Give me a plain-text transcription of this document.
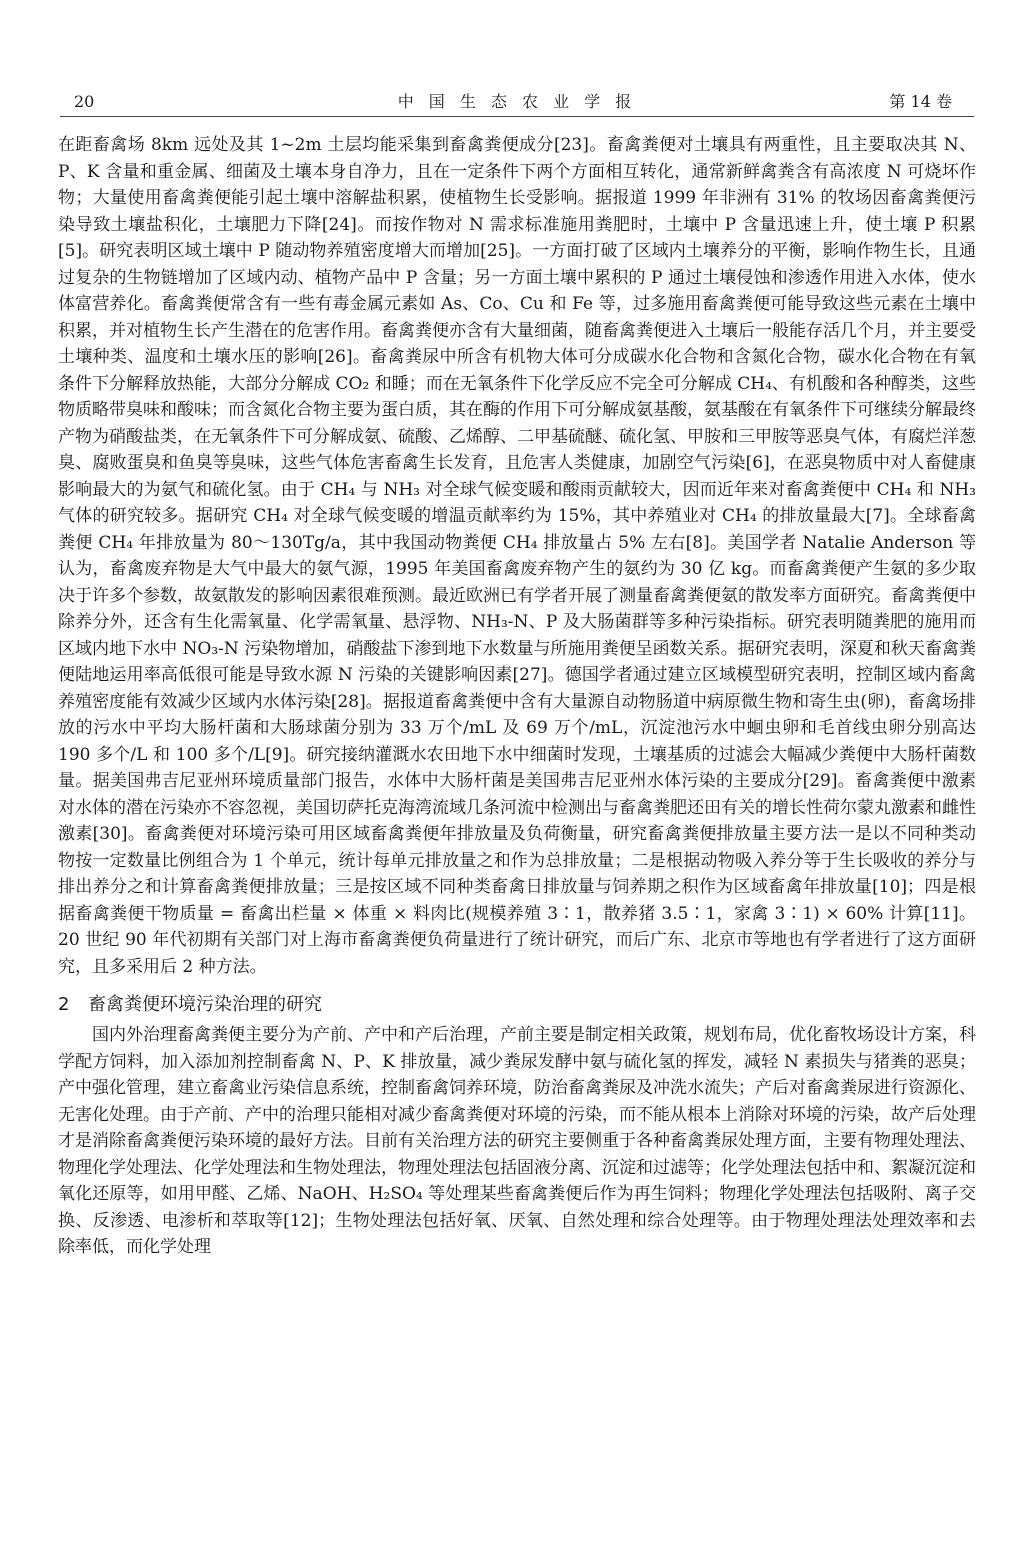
20	中 国 生 态 农 业 学 报	第 14 卷

在距畜禽场 8km 远处及其 1~2m 土层均能采集到畜禽粪便成分[23]。畜禽粪便对土壤具有两重性，且主要取决其 N、P、K 含量和重金属、细菌及土壤本身自净力，且在一定条件下两个方面相互转化，通常新鲜禽粪含有高浓度 N 可烧坏作物；大量使用畜禽粪便能引起土壤中溶解盐积累，使植物生长受影响。据报道 1999 年非洲有 31% 的牧场因畜禽粪便污染导致土壤盐积化，土壤肥力下降[24]。而按作物对 N 需求标准施用粪肥时，土壤中 P 含量迅速上升，使土壤 P 积累[5]。研究表明区域土壤中 P 随动物养殖密度增大而增加[25]。一方面打破了区域内土壤养分的平衡，影响作物生长，且通过复杂的生物链增加了区域内动、植物产品中 P 含量；另一方面土壤中累积的 P 通过土壤侵蚀和渗透作用进入水体，使水体富营养化。畜禽粪便常含有一些有毒金属元素如 As、Co、Cu 和 Fe 等，过多施用畜禽粪便可能导致这些元素在土壤中积累，并对植物生长产生潜在的危害作用。畜禽粪便亦含有大量细菌，随畜禽粪便进入土壤后一般能存活几个月，并主要受土壤种类、温度和土壤水压的影响[26]。畜禽粪尿中所含有机物大体可分成碳水化合物和含氮化合物，碳水化合物在有氧条件下分解释放热能，大部分分解成 CO₂ 和睡；而在无氧条件下化学反应不完全可分解成 CH₄、有机酸和各种醇类，这些物质略带臭味和酸味；而含氮化合物主要为蛋白质，其在酶的作用下可分解成氨基酸，氨基酸在有氧条件下可继续分解最终产物为硝酸盐类，在无氧条件下可分解成氨、硫酸、乙烯醇、二甲基硫醚、硫化氢、甲胺和三甲胺等恶臭气体，有腐烂洋葱臭、腐败蛋臭和鱼臭等臭味，这些气体危害畜禽生长发育，且危害人类健康，加剧空气污染[6]，在恶臭物质中对人畜健康影响最大的为氨气和硫化氢。由于 CH₄ 与 NH₃ 对全球气候变暖和酸雨贡献较大，因而近年来对畜禽粪便中 CH₄ 和 NH₃ 气体的研究较多。据研究 CH₄ 对全球气候变暖的增温贡献率约为 15%，其中养殖业对 CH₄ 的排放量最大[7]。全球畜禽粪便 CH₄ 年排放量为 80～130Tg/a，其中我国动物粪便 CH₄ 排放量占 5% 左右[8]。美国学者 Natalie Anderson 等认为，畜禽废弃物是大气中最大的氨气源，1995 年美国畜禽废弃物产生的氨约为 30 亿 kg。而畜禽粪便产生氨的多少取决于许多个参数，故氨散发的影响因素很难预测。最近欧洲已有学者开展了测量畜禽粪便氨的散发率方面研究。畜禽粪便中除养分外，还含有生化需氧量、化学需氧量、悬浮物、NH₃-N、P 及大肠菌群等多种污染指标。研究表明随粪肥的施用而区域内地下水中 NO₃-N 污染物增加，硝酸盐下渗到地下水数量与所施用粪便呈函数关系。据研究表明，深夏和秋天畜禽粪便陆地运用率高低很可能是导致水源 N 污染的关键影响因素[27]。德国学者通过建立区域模型研究表明，控制区域内畜禽养殖密度能有效减少区域内水体污染[28]。据报道畜禽粪便中含有大量源自动物肠道中病原微生物和寄生虫(卵)，畜禽场排放的污水中平均大肠杆菌和大肠球菌分别为 33 万个/mL 及 69 万个/mL，沉淀池污水中蛔虫卵和毛首线虫卵分别高达 190 多个/L 和 100 多个/L[9]。研究接纳灌溉水农田地下水中细菌时发现，土壤基质的过滤会大幅减少粪便中大肠杆菌数量。据美国弗吉尼亚州环境质量部门报告，水体中大肠杆菌是美国弗吉尼亚州水体污染的主要成分[29]。畜禽粪便中激素对水体的潜在污染亦不容忽视，美国切萨托克海湾流域几条河流中检测出与畜禽粪肥还田有关的增长性荷尔蒙丸激素和雌性激素[30]。畜禽粪便对环境污染可用区域畜禽粪便年排放量及负荷衡量，研究畜禽粪便排放量主要方法一是以不同种类动物按一定数量比例组合为 1 个单元，统计每单元排放量之和作为总排放量；二是根据动物吸入养分等于生长吸收的养分与排出养分之和计算畜禽粪便排放量；三是按区域不同种类畜禽日排放量与饲养期之积作为区域畜禽年排放量[10]；四是根据畜禽粪便干物质量 = 畜禽出栏量 × 体重 × 料肉比(规模养殖 3∶1，散养猪 3.5∶1，家禽 3∶1) × 60% 计算[11]。20 世纪 90 年代初期有关部门对上海市畜禽粪便负荷量进行了统计研究，而后广东、北京市等地也有学者进行了这方面研究，且多采用后 2 种方法。

2 畜禽粪便环境污染治理的研究

国内外治理畜禽粪便主要分为产前、产中和产后治理，产前主要是制定相关政策，规划布局，优化畜牧场设计方案，科学配方饲料，加入添加剂控制畜禽 N、P、K 排放量，减少粪尿发酵中氨与硫化氢的挥发，减轻 N 素损失与猪粪的恶臭；产中强化管理，建立畜禽业污染信息系统，控制畜禽饲养环境，防治畜禽粪尿及冲洗水流失；产后对畜禽粪尿进行资源化、无害化处理。由于产前、产中的治理只能相对减少畜禽粪便对环境的污染，而不能从根本上消除对环境的污染，故产后处理才是消除畜禽粪便污染环境的最好方法。目前有关治理方法的研究主要侧重于各种畜禽粪尿处理方面，主要有物理处理法、物理化学处理法、化学处理法和生物处理法，物理处理法包括固液分离、沉淀和过滤等；化学处理法包括中和、絮凝沉淀和氧化还原等，如用甲醛、乙烯、NaOH、H₂SO₄ 等处理某些畜禽粪便后作为再生饲料；物理化学处理法包括吸附、离子交换、反渗透、电渗析和萃取等[12]；生物处理法包括好氧、厌氧、自然处理和综合处理等。由于物理处理法处理效率和去除率低，而化学处理
